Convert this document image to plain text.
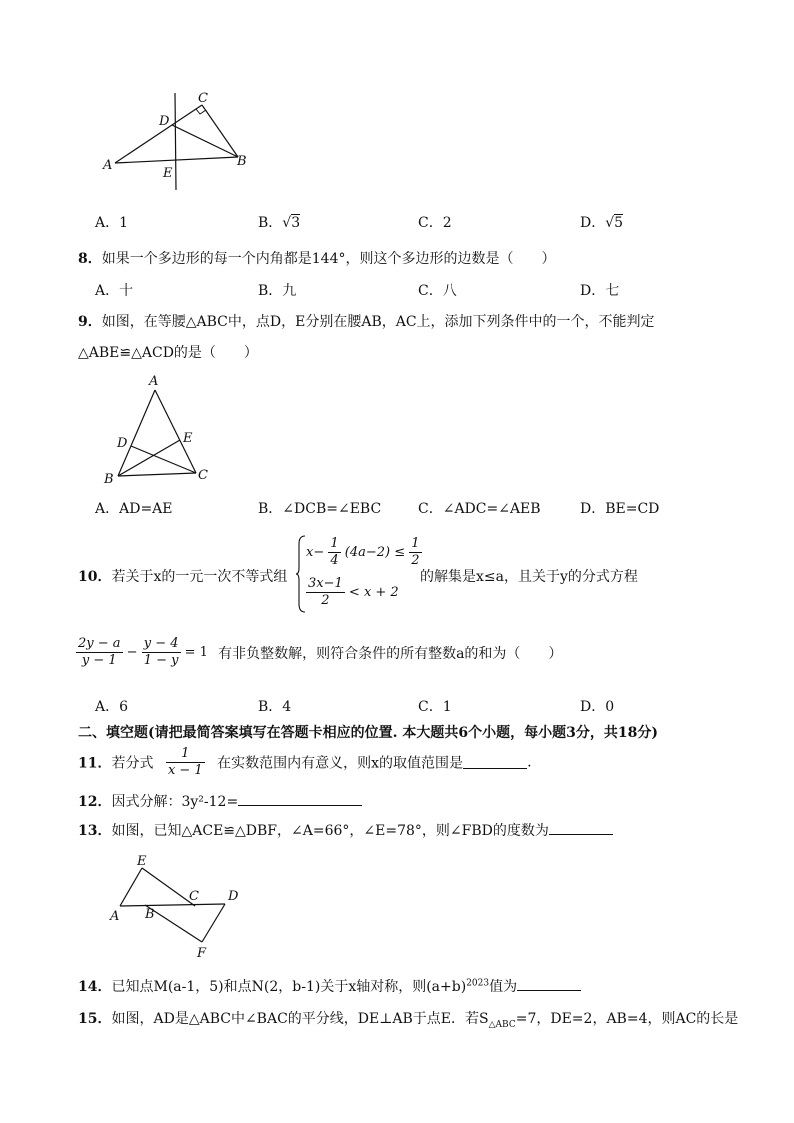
C
D
A	B
E
A．1	B．√3	C．2	D．√5
8．如果一个多边形的每一个内角都是144°，则这个多边形的边数是（　　）
A．十	B．九	C．八	D．七
9．如图，在等腰△ABC中，点D，E分别在腰AB，AC上，添加下列条件中的一个，不能判定
△ABE≌△ACD的是（　　）
A
D	E
B	C
A．AD=AE	B．∠DCB=∠EBC	C．∠ADC=∠AEB	D．BE=CD
10．若关于x的一元一次不等式组
$x- \frac{1}{4} (4a-2) \le \frac{1}{2}$
$\frac{3x-1}{2} < x + 2$
的解集是x≤a，且关于y的分式方程
$\frac{2y - a}{y - 1} - \frac{y - 4}{1 - y} = 1$ 有非负整数解，则符合条件的所有整数a的和为（　　）
A．6	B．4	C．1	D．0
二、填空题(请把最简答案填写在答题卡相应的位置. 本大题共6个小题，每小题3分，共18分)
11．若分式 $\frac{1}{x - 1}$ 在实数范围内有意义，则x的取值范围是	.
12．因式分解：3y²-12=
13．如图，已知△ACE≌△DBF，∠A=66°，∠E=78°，则∠FBD的度数为
E
C D
A B
F
14．已知点M(a-1，5)和点N(2，b-1)关于x轴对称，则$(a+b)^{2023}$值为
15．如图，AD是△ABC中∠BAC的平分线，DE⊥AB于点E．若$S_{\triangle ABC}=7$，DE=2，AB=4，则AC的长是
